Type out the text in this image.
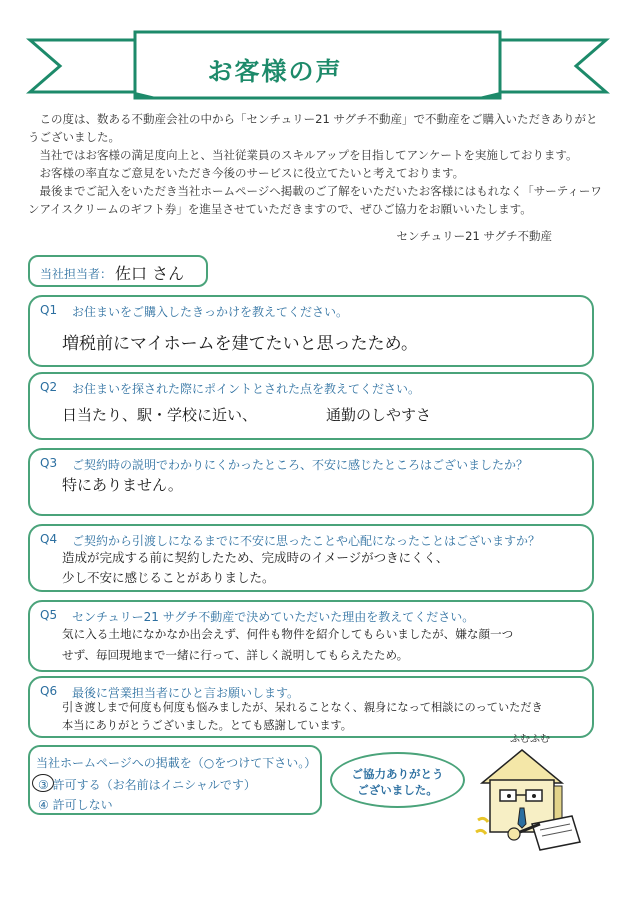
お客様の声

この度は、数ある不動産会社の中から「センチュリー21 サグチ不動産」で不動産をご購入いただきありがとうございました。

当社ではお客様の満足度向上と、当社従業員のスキルアップを目指してアンケートを実施しております。

お客様の率直なご意見をいただき今後のサービスに役立てたいと考えております。

最後までご記入をいただき当社ホームページへ掲載のご了解をいただいたお客様にはもれなく「サーティーワンアイスクリームのギフト券」を進呈させていただきますので、ぜひご協力をお願いいたします。

センチュリー21 サグチ不動産
当社担当者： 佐口 さん
Q1 お住まいをご購入したきっかけを教えてください。
増税前にマイホームを建てたいと思ったため。
Q2 お住まいを探された際にポイントとされた点を教えてください。
日当たり、駅・学校に近い、	通勤のしやすさ
Q3 ご契約時の説明でわかりにくかったところ、不安に感じたところはございましたか？
特にありません。
Q4 ご契約から引渡しになるまでに不安に思ったことや心配になったことはございますか？
造成が完成する前に契約したため、完成時のイメージがつきにくく、
少し不安に感じることがありました。
Q5 センチュリー21 サグチ不動産で決めていただいた理由を教えてください。
気に入る土地になかなか出会えず、何件も物件を紹介してもらいましたが、嫌な顔一つ
せず、毎回現地まで一緒に行って、詳しく説明してもらえたため。
Q6 最後に営業担当者にひと言お願いします。
引き渡しまで何度も何度も悩みましたが、呆れることなく、親身になって相談にのっていただき
本当にありがとうございました。とても感謝しています。
当社ホームページへの掲載を（○をつけて下さい。）
③ 許可する（お名前はイニシャルです）
④ 許可しない
ご協力ありがとう
ございました。
ふむふむ
